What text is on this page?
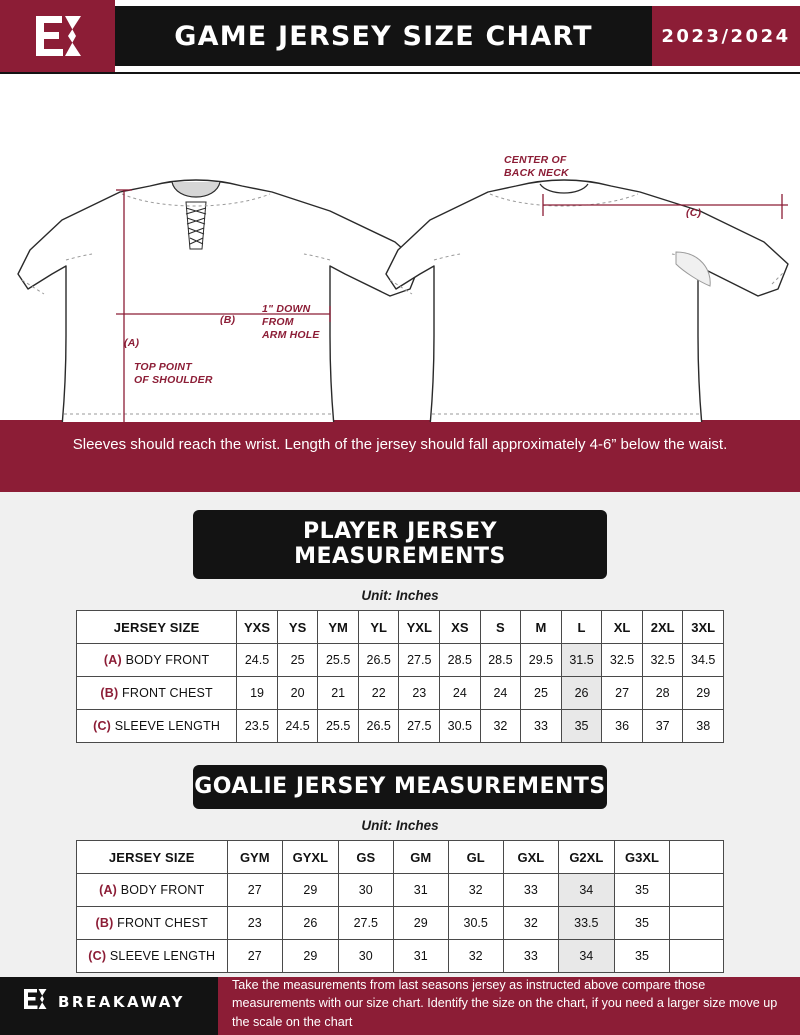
GAME JERSEY SIZE CHART	2023/2024
CENTER OF
BACK NECK
(C)
1" DOWN
FROM
ARM HOLE
(B)
(A)
TOP POINT
OF SHOULDER
Sleeves should reach the wrist. Length of the jersey should fall approximately 4-6” below the waist.
PLAYER JERSEY MEASUREMENTS
Unit: Inches
JERSEY SIZE	YXS	YS	YM	YL	YXL	XS	S	M	L	XL	2XL	3XL
(A) BODY FRONT	24.5	25	25.5	26.5	27.5	28.5	28.5	29.5	31.5	32.5	32.5	34.5
(B) FRONT CHEST	19	20	21	22	23	24	24	25	26	27	28	29
(C) SLEEVE LENGTH	23.5	24.5	25.5	26.5	27.5	30.5	32	33	35	36	37	38
GOALIE JERSEY MEASUREMENTS
Unit: Inches
JERSEY SIZE	GYM	GYXL	GS	GM	GL	GXL	G2XL	G3XL	
(A) BODY FRONT	27	29	30	31	32	33	34	35	
(B) FRONT CHEST	23	26	27.5	29	30.5	32	33.5	35	
(C) SLEEVE LENGTH	27	29	30	31	32	33	34	35	
BREAKAWAY
Take the measurements from last seasons jersey as instructed above compare those measurements with our size chart. Identify the size on the chart, if you need a larger size move up the scale on the chart
